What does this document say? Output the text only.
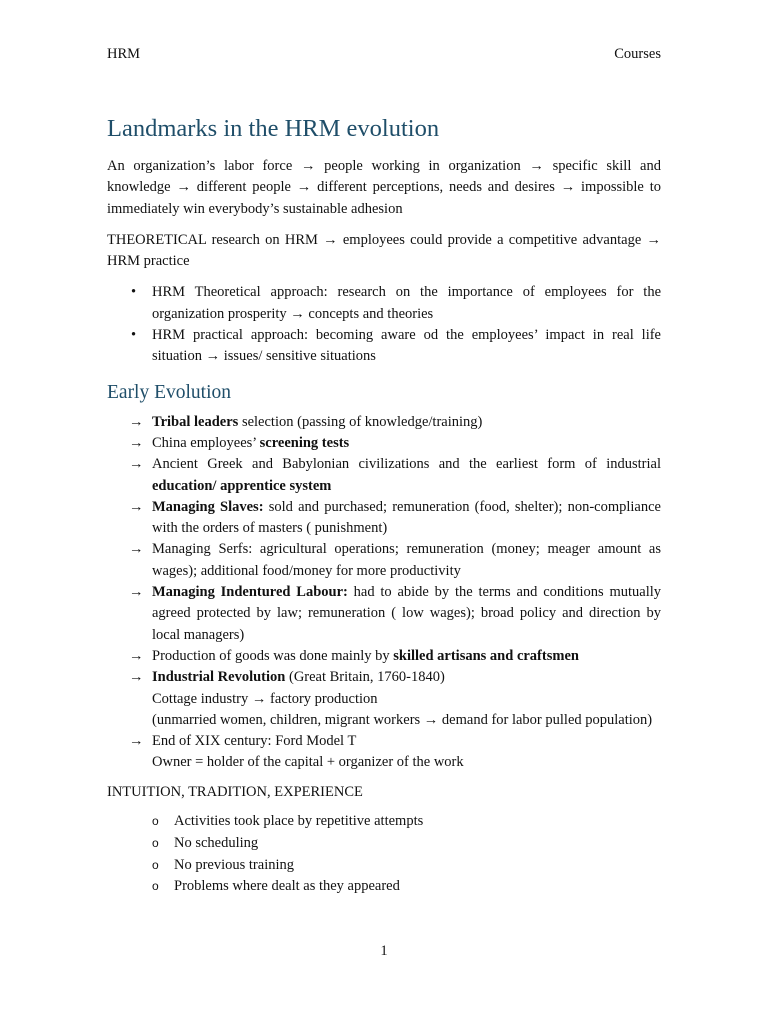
HRM	Courses
Landmarks in the HRM evolution

An organization’s labor force → people working in organization → specific skill and knowledge → different people → different perceptions, needs and desires → impossible to immediately win everybody’s sustainable adhesion

THEORETICAL research on HRM → employees could provide a competitive advantage → HRM practice

• HRM Theoretical approach: research on the importance of employees for the organization prosperity → concepts and theories
• HRM practical approach: becoming aware od the employees’ impact in real life situation → issues/ sensitive situations
Early Evolution
→ Tribal leaders selection (passing of knowledge/training)
→ China employees’ screening tests
→ Ancient Greek and Babylonian civilizations and the earliest form of industrial education/ apprentice system
→ Managing Slaves: sold and purchased; remuneration (food, shelter); non-compliance with the orders of masters ( punishment)
→ Managing Serfs: agricultural operations; remuneration (money; meager amount as wages); additional food/money for more productivity
→ Managing Indentured Labour: had to abide by the terms and conditions mutually agreed protected by law; remuneration ( low wages); broad policy and direction by local managers)
→ Production of goods was done mainly by skilled artisans and craftsmen
→ Industrial Revolution (Great Britain, 1760-1840)
Cottage industry → factory production
(unmarried women, children, migrant workers → demand for labor pulled population)
→ End of XIX century: Ford Model T
Owner = holder of the capital + organizer of the work

INTUITION, TRADITION, EXPERIENCE

o Activities took place by repetitive attempts
o No scheduling
o No previous training
o Problems where dealt as they appeared
1
